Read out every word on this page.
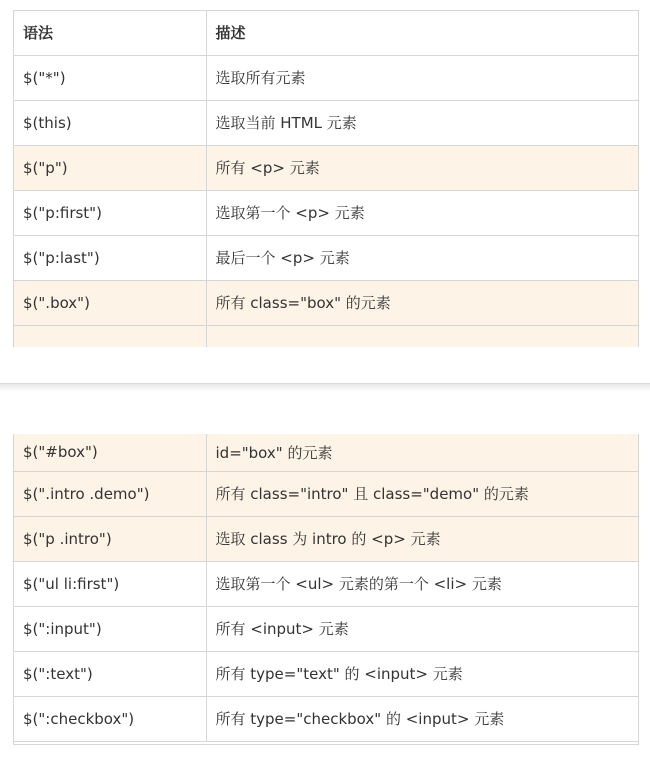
语法	描述
$("*")	选取所有元素
$(this)	选取当前 HTML 元素
$("p")	所有 <p> 元素
$("p:first")	选取第一个 <p> 元素
$("p:last")	最后一个 <p> 元素
$(".box")	所有 class="box" 的元素

$("#box")	id="box" 的元素
$(".intro .demo")	所有 class="intro" 且 class="demo" 的元素
$("p .intro")	选取 class 为 intro 的 <p> 元素
$("ul li:first")	选取第一个 <ul> 元素的第一个 <li> 元素
$(":input")	所有 <input> 元素
$(":text")	所有 type="text" 的 <input> 元素
$(":checkbox")	所有 type="checkbox" 的 <input> 元素
